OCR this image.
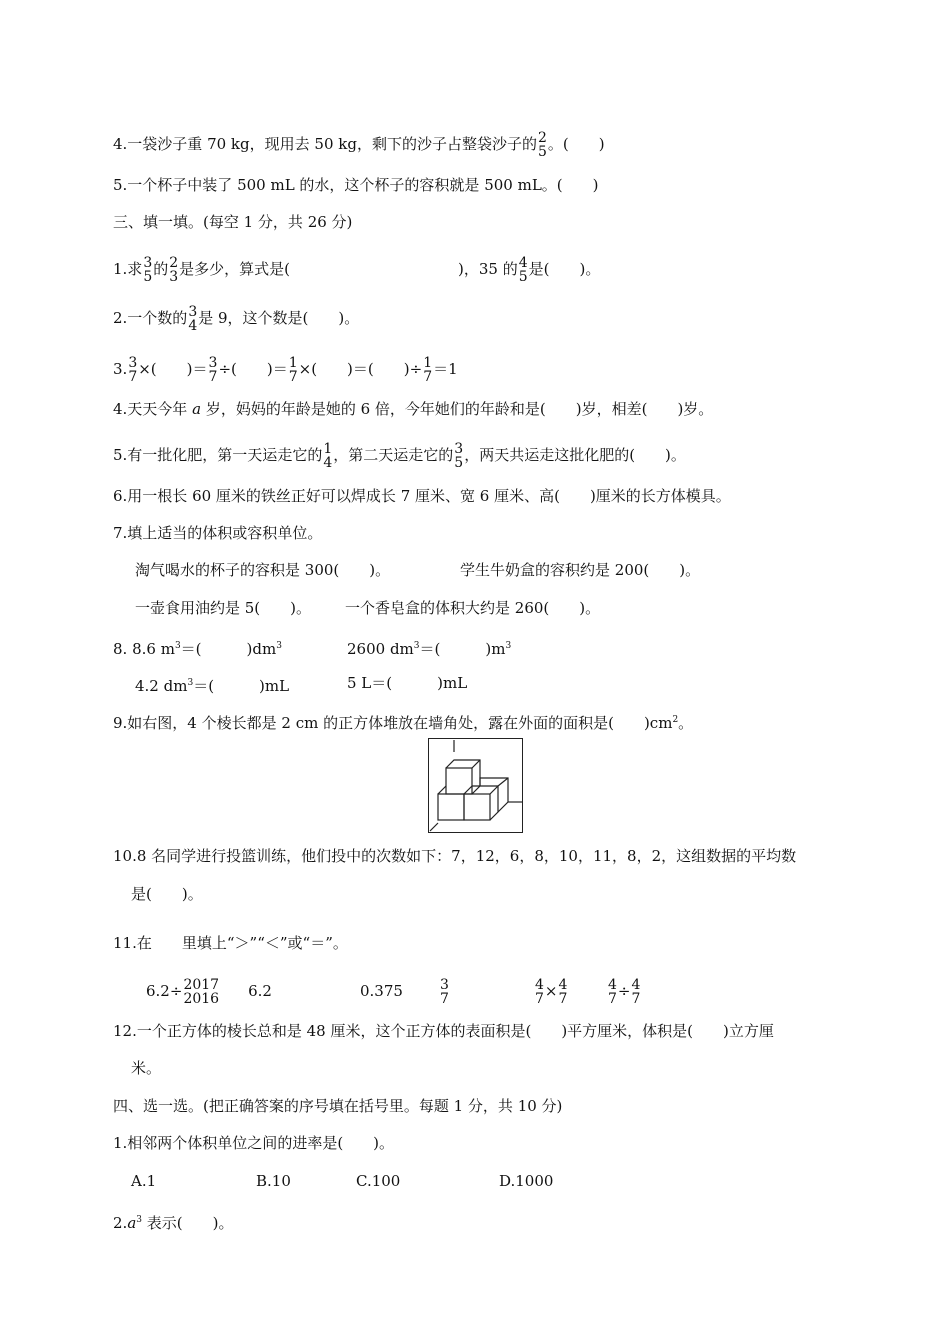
4.一袋沙子重 70 kg，现用去 50 kg，剩下的沙子占整袋沙子的 2
5 。(　　)
5.一个杯子中装了 500 mL 的水，这个杯子的容积就是 500 mL。(　　)
三、填一填。(每空 1 分，共 26 分)
1.求 3
5 的 2
3 是多少，算式是(	)，35 的 4
5 是(　　)。
2.一个数的 3
4 是 9，这个数是(　　)。
3. 3
7 ×(　　)＝ 3
7 ÷(　　)＝ 1
7 ×(　　)＝(　　)÷ 1
7 ＝1
4.天天今年 a 岁，妈妈的年龄是她的 6 倍，今年她们的年龄和是(　　)岁，相差(　　)岁。
5.有一批化肥，第一天运走它的 1
4 ，第二天运走它的 3
5 ，两天共运走这批化肥的(　　)。
6.用一根长 60 厘米的铁丝正好可以焊成长 7 厘米、宽 6 厘米、高(　　)厘米的长方体模具。
7.填上适当的体积或容积单位。
淘气喝水的杯子的容积是 300(　　)。	学生牛奶盒的容积约是 200(　　)。
一壶食用油约是 5(　　)。 一个香皂盒的体积大约是 260(　　)。
8. 8.6 $m^3=$(　　　)$dm^3$	2600 $dm^3=$(　　　)$m^3$
4.2 $dm^3=$(　　　)mL	5 L＝(　　　)mL
9.如右图，4 个棱长都是 2 cm 的正方体堆放在墙角处，露在外面的面积是(　　)$cm^2$。
10.8 名同学进行投篮训练，他们投中的次数如下：7，12，6，8，10，11，8，2，这组数据的平均数
是(　　)。
11.在　　里填上“＞”“＜”或“＝”。
6.2÷ 2017
2016 6.2	0.375	3
7
4
7 × 4
7
4
7 ÷ 4
7
12.一个正方体的棱长总和是 48 厘米，这个正方体的表面积是(　　)平方厘米，体积是(　　)立方厘
米。
四、选一选。(把正确答案的序号填在括号里。每题 1 分，共 10 分)
1.相邻两个体积单位之间的进率是(　　)。
A.1	B.10	C.100	D.1000
$2.a^3$ 表示(　　)。
